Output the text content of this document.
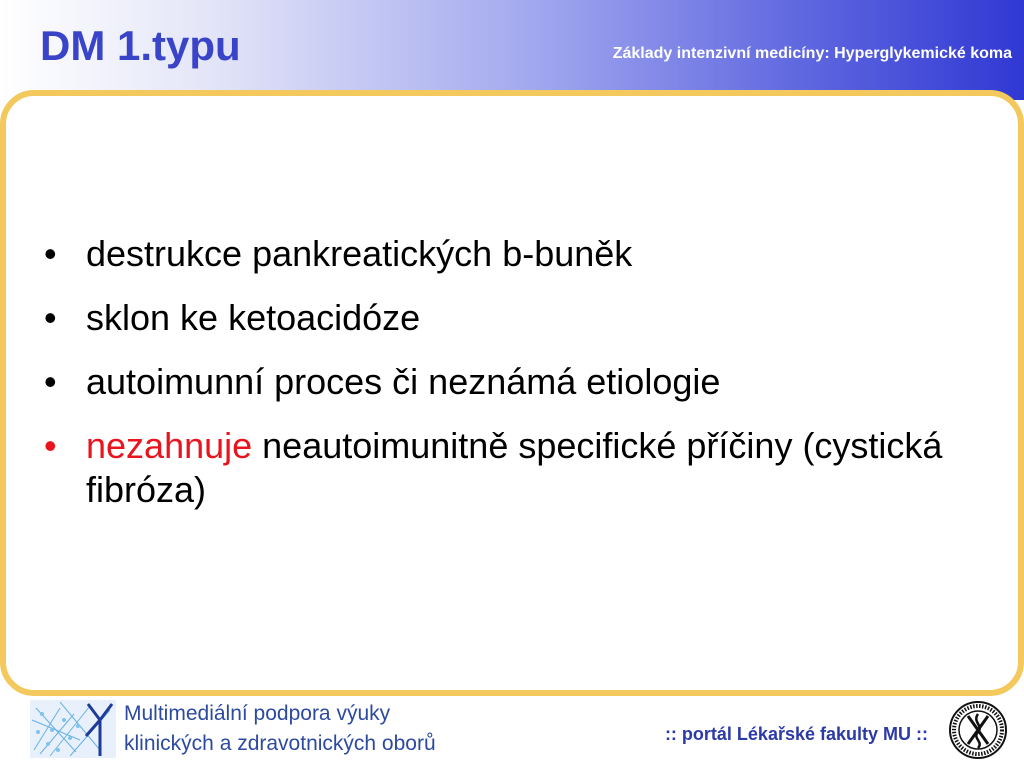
DM 1.typu	Základy intenzivní medicíny: Hyperglykemické koma
• destrukce pankreatických b-buněk
• sklon ke ketoacidóze
• autoimunní proces či neznámá etiologie
• nezahnuje neautoimunitně specifické příčiny (cystická fibróza)
Multimediální podpora výuky
klinických a zdravotnických oborů	:: portál Lékařské fakulty MU ::
